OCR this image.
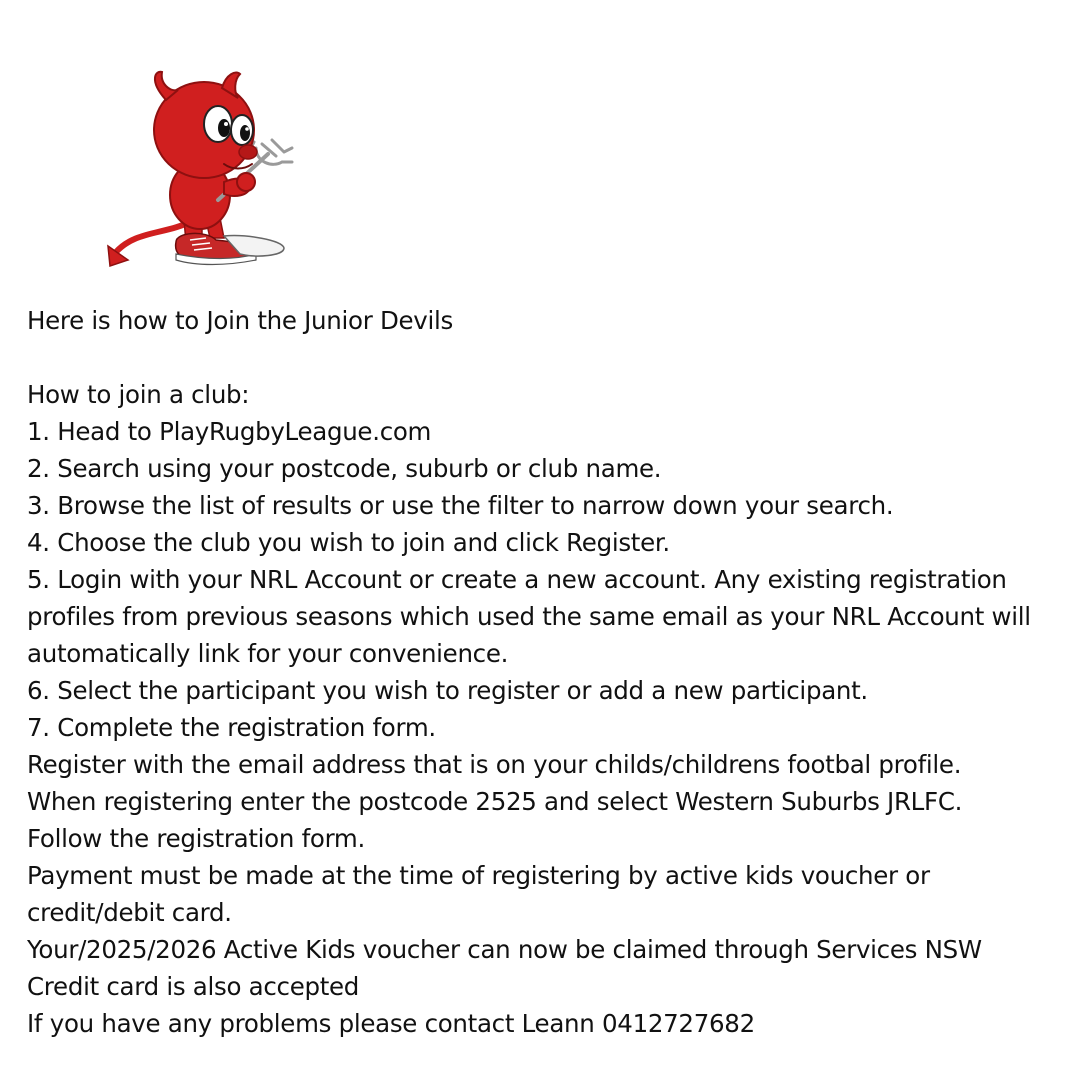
Here is how to Join the Junior Devils

How to join a club:

1. Head to PlayRugbyLeague.com

2. Search using your postcode, suburb or club name.

3. Browse the list of results or use the filter to narrow down your search.

4. Choose the club you wish to join and click Register.

5. Login with your NRL Account or create a new account. Any existing registration profiles from previous seasons which used the same email as your NRL Account will automatically link for your convenience.

6. Select the participant you wish to register or add a new participant.

7. Complete the registration form.

Register with the email address that is on your childs/childrens footbal profile.

When registering enter the postcode 2525 and select Western Suburbs JRLFC.

Follow the registration form.

Payment must be made at the time of registering by active kids voucher or credit/debit card.

Your/2025/2026 Active Kids voucher can now be claimed through Services NSW

Credit card is also accepted

If you have any problems please contact Leann 0412727682
